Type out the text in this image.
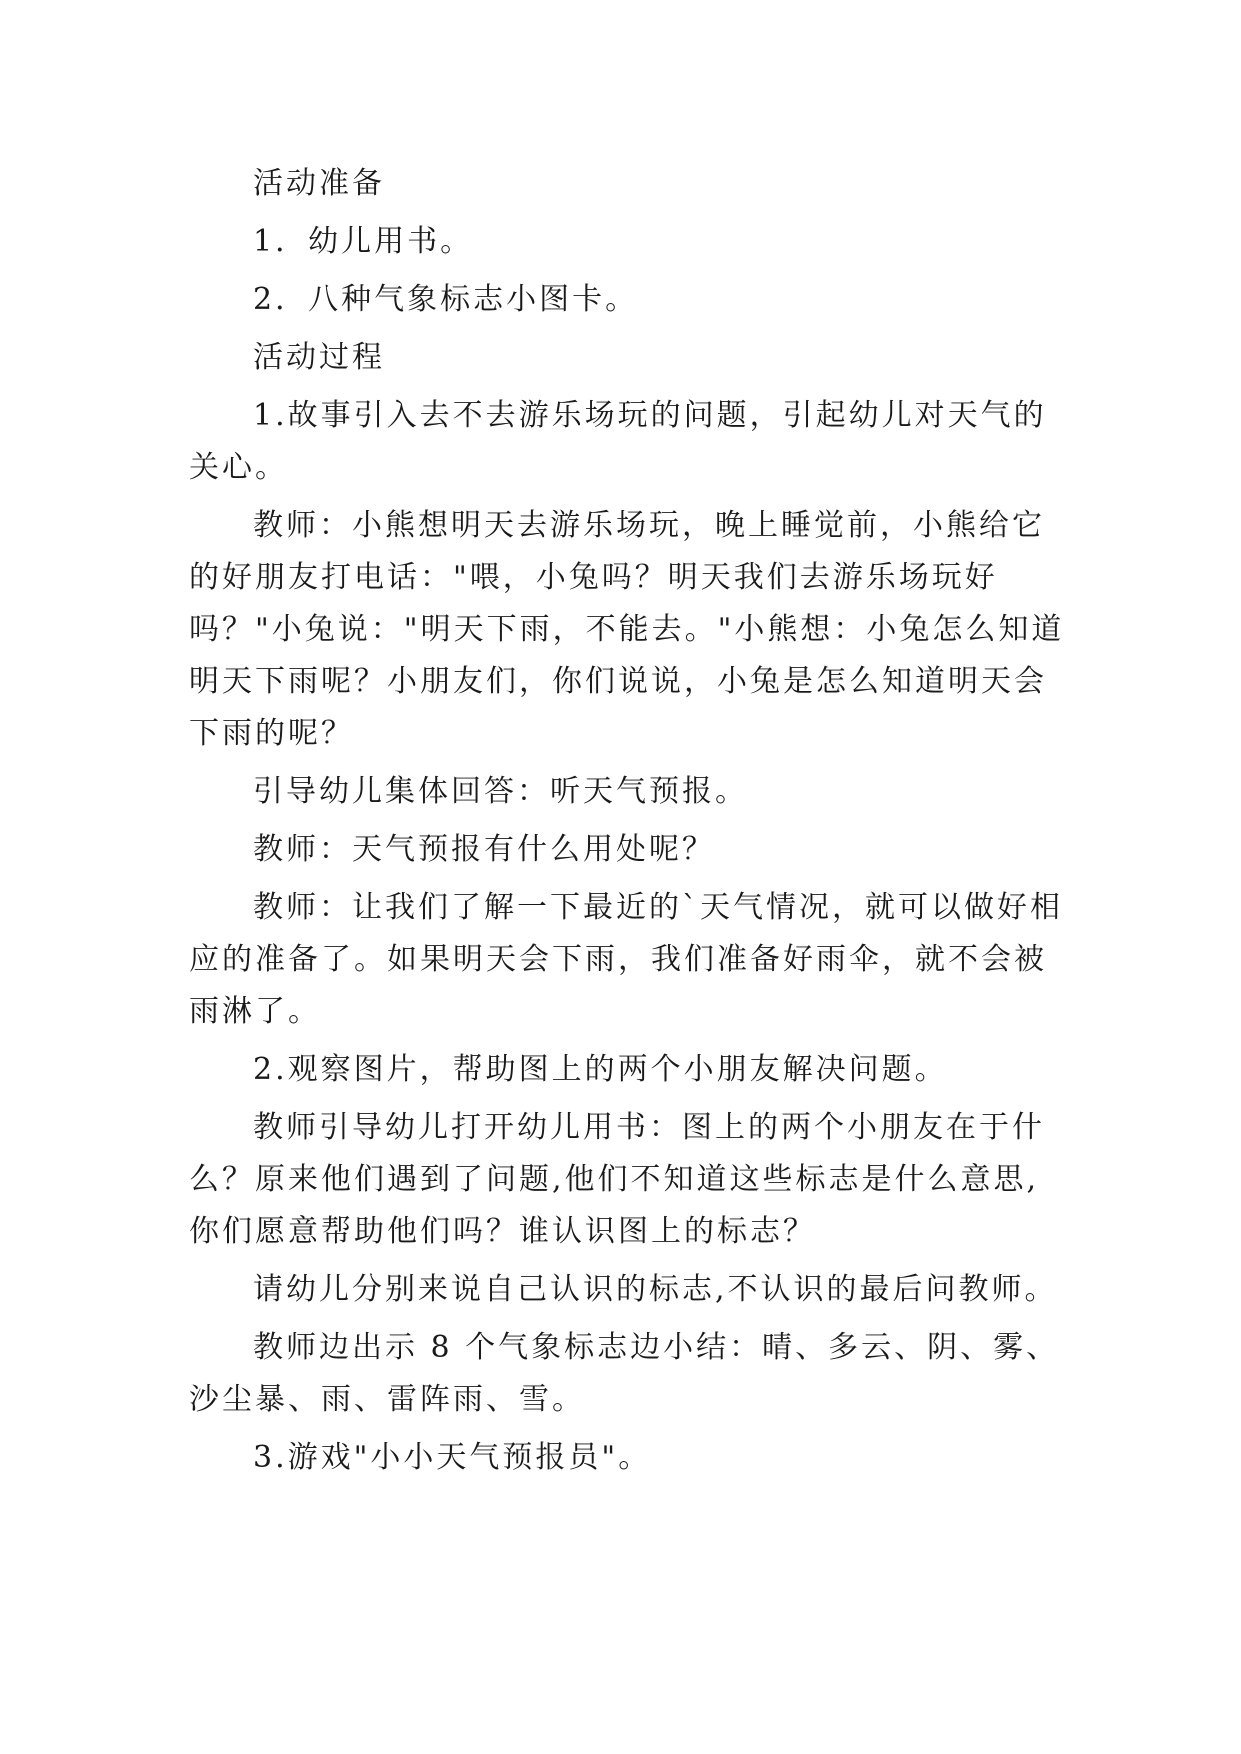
活动准备

1．幼儿用书。

2．八种气象标志小图卡。

活动过程

1.故事引入去不去游乐场玩的问题，引起幼儿对天气的关心。

教师：小熊想明天去游乐场玩，晚上睡觉前，小熊给它的好朋友打电话："喂，小兔吗？明天我们去游乐场玩好吗？"小兔说："明天下雨，不能去。"小熊想：小兔怎么知道明天下雨呢？小朋友们，你们说说，小兔是怎么知道明天会下雨的呢？

引导幼儿集体回答：听天气预报。

教师：天气预报有什么用处呢？

教师：让我们了解一下最近的`天气情况，就可以做好相应的准备了。如果明天会下雨，我们准备好雨伞，就不会被雨淋了。

2.观察图片，帮助图上的两个小朋友解决问题。

教师引导幼儿打开幼儿用书：图上的两个小朋友在于什么？原来他们遇到了问题,他们不知道这些标志是什么意思,你们愿意帮助他们吗？谁认识图上的标志？

请幼儿分别来说自己认识的标志,不认识的最后问教师。

教师边出示 8 个气象标志边小结：晴、多云、阴、雾、沙尘暴、雨、雷阵雨、雪。

3.游戏"小小天气预报员"。
